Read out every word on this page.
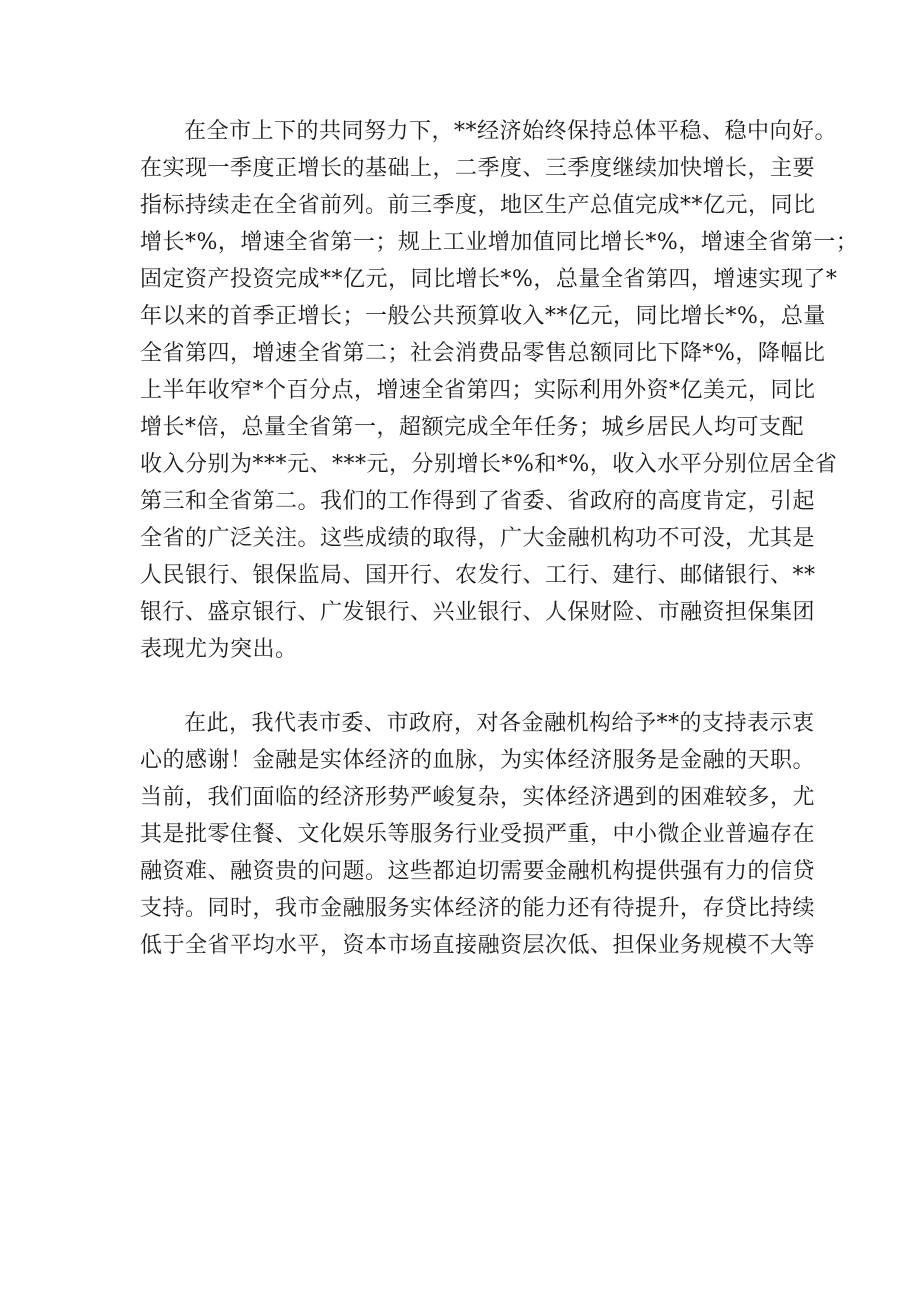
在全市上下的共同努力下，**经济始终保持总体平稳、稳中向好。
在实现一季度正增长的基础上，二季度、三季度继续加快增长，主要
指标持续走在全省前列。前三季度，地区生产总值完成**亿元，同比
增长*%，增速全省第一；规上工业增加值同比增长*%，增速全省第一；
固定资产投资完成**亿元，同比增长*%，总量全省第四，增速实现了*
年以来的首季正增长；一般公共预算收入**亿元，同比增长*%，总量
全省第四，增速全省第二；社会消费品零售总额同比下降*%，降幅比
上半年收窄*个百分点，增速全省第四；实际利用外资*亿美元，同比
增长*倍，总量全省第一，超额完成全年任务；城乡居民人均可支配
收入分别为***元、***元，分别增长*%和*%，收入水平分别位居全省
第三和全省第二。我们的工作得到了省委、省政府的高度肯定，引起
全省的广泛关注。这些成绩的取得，广大金融机构功不可没，尤其是
人民银行、银保监局、国开行、农发行、工行、建行、邮储银行、**
银行、盛京银行、广发银行、兴业银行、人保财险、市融资担保集团
表现尤为突出。
在此，我代表市委、市政府，对各金融机构给予**的支持表示衷
心的感谢！金融是实体经济的血脉，为实体经济服务是金融的天职。
当前，我们面临的经济形势严峻复杂，实体经济遇到的困难较多，尤
其是批零住餐、文化娱乐等服务行业受损严重，中小微企业普遍存在
融资难、融资贵的问题。这些都迫切需要金融机构提供强有力的信贷
支持。同时，我市金融服务实体经济的能力还有待提升，存贷比持续
低于全省平均水平，资本市场直接融资层次低、担保业务规模不大等
